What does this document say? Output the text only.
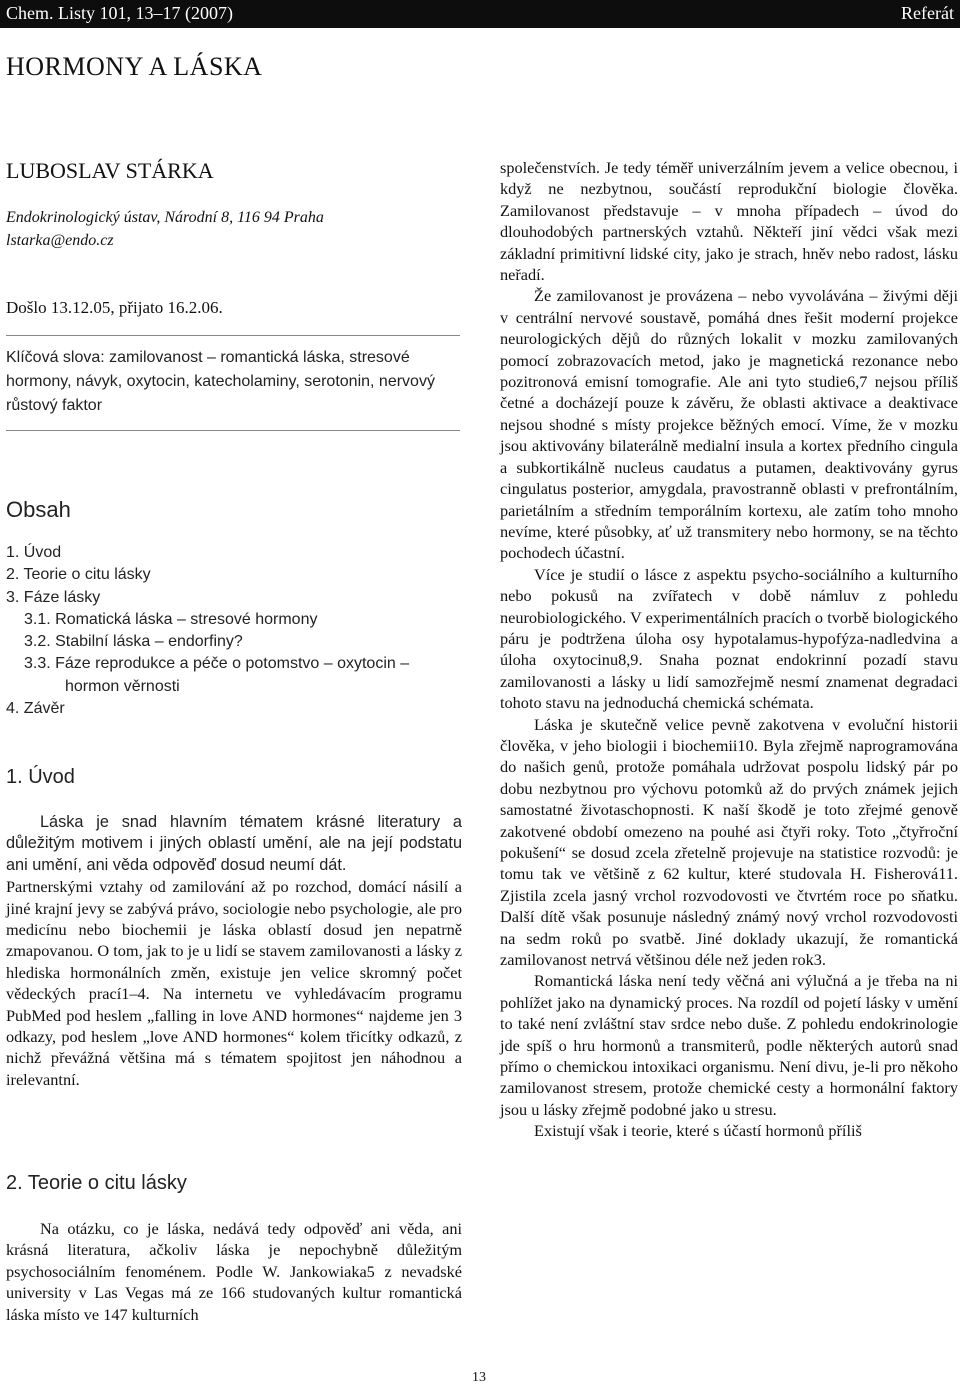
Chem. Listy 101, 13–17 (2007)	Referát
HORMONY A LÁSKA
LUBOSLAV STÁRKA
Endokrinologický ústav, Národní 8, 116 94 Praha
lstarka@endo.cz
Došlo 13.12.05, přijato 16.2.06.
Klíčová slova: zamilovanost – romantická láska, stresové hormony, návyk, oxytocin, katecholaminy, serotonin, nervový růstový faktor
Obsah
1. Úvod
2. Teorie o citu lásky
3. Fáze lásky
3.1. Romatická láska – stresové hormony
3.2. Stabilní láska – endorfiny?
3.3. Fáze reprodukce a péče o potomstvo – oxytocin –
hormon věrnosti
4. Závěr
1. Úvod

Láska je snad hlavním tématem krásné literatury a důležitým motivem i jiných oblastí umění, ale na její podstatu ani umění, ani věda odpověď dosud neumí dát.

Partnerskými vztahy od zamilování až po rozchod, domácí násilí a jiné krajní jevy se zabývá právo, sociologie nebo psychologie, ale pro medicínu nebo biochemii je láska oblastí dosud jen nepatrně zmapovanou. O tom, jak to je u lidí se stavem zamilovanosti a lásky z hlediska hormonálních změn, existuje jen velice skromný počet vědeckých prací1–4. Na internetu ve vyhledávacím programu PubMed pod heslem „falling in love AND hormones“ najdeme jen 3 odkazy, pod heslem „love AND hormones“ kolem třicítky odkazů, z nichž převážná většina má s tématem spojitost jen náhodnou a irelevantní.

2. Teorie o citu lásky

Na otázku, co je láska, nedává tedy odpověď ani věda, ani krásná literatura, ačkoliv láska je nepochybně důležitým psychosociálním fenoménem. Podle W. Jankowiaka5 z nevadské university v Las Vegas má ze 166 studovaných kultur romantická láska místo ve 147 kulturních

společenstvích. Je tedy téměř univerzálním jevem a velice obecnou, i když ne nezbytnou, součástí reprodukční biologie člověka. Zamilovanost představuje – v mnoha případech – úvod do dlouhodobých partnerských vztahů. Někteří jiní vědci však mezi základní primitivní lidské city, jako je strach, hněv nebo radost, lásku neřadí.

Že zamilovanost je provázena – nebo vyvolávána – živými ději v centrální nervové soustavě, pomáhá dnes řešit moderní projekce neurologických dějů do různých lokalit v mozku zamilovaných pomocí zobrazovacích metod, jako je magnetická rezonance nebo pozitronová emisní tomografie. Ale ani tyto studie6,7 nejsou příliš četné a docházejí pouze k závěru, že oblasti aktivace a deaktivace nejsou shodné s místy projekce běžných emocí. Víme, že v mozku jsou aktivovány bilaterálně medialní insula a kortex předního cingula a subkortikálně nucleus caudatus a putamen, deaktivovány gyrus cingulatus posterior, amygdala, pravostranně oblasti v prefrontálním, parietálním a středním temporálním kortexu, ale zatím toho mnoho nevíme, které působky, ať už transmitery nebo hormony, se na těchto pochodech účastní.

Více je studií o lásce z aspektu psycho-sociálního a kulturního nebo pokusů na zvířatech v době námluv z pohledu neurobiologického. V experimentálních pracích o tvorbě biologického páru je podtržena úloha osy hypotalamus-hypofýza-nadledvina a úloha oxytocinu8,9. Snaha poznat endokrinní pozadí stavu zamilovanosti a lásky u lidí samozřejmě nesmí znamenat degradaci tohoto stavu na jednoduchá chemická schémata.

Láska je skutečně velice pevně zakotvena v evoluční historii člověka, v jeho biologii i biochemii10. Byla zřejmě naprogramována do našich genů, protože pomáhala udržovat pospolu lidský pár po dobu nezbytnou pro výchovu potomků až do prvých známek jejich samostatné životaschopnosti. K naší škodě je toto zřejmé genově zakotvené období omezeno na pouhé asi čtyři roky. Toto „čtyřroční pokušení“ se dosud zcela zřetelně projevuje na statistice rozvodů: je tomu tak ve většině z 62 kultur, které studovala H. Fisherová11. Zjistila zcela jasný vrchol rozvodovosti ve čtvrtém roce po sňatku. Další dítě však posunuje následný známý nový vrchol rozvodovosti na sedm roků po svatbě. Jiné doklady ukazují, že romantická zamilovanost netrvá většinou déle než jeden rok3.

Romantická láska není tedy věčná ani výlučná a je třeba na ni pohlížet jako na dynamický proces. Na rozdíl od pojetí lásky v umění to také není zvláštní stav srdce nebo duše. Z pohledu endokrinologie jde spíš o hru hormonů a transmiterů, podle některých autorů snad přímo o chemickou intoxikaci organismu. Není divu, je-li pro někoho zamilovanost stresem, protože chemické cesty a hormonální faktory jsou u lásky zřejmě podobné jako u stresu.

Existují však i teorie, které s účastí hormonů příliš

13
